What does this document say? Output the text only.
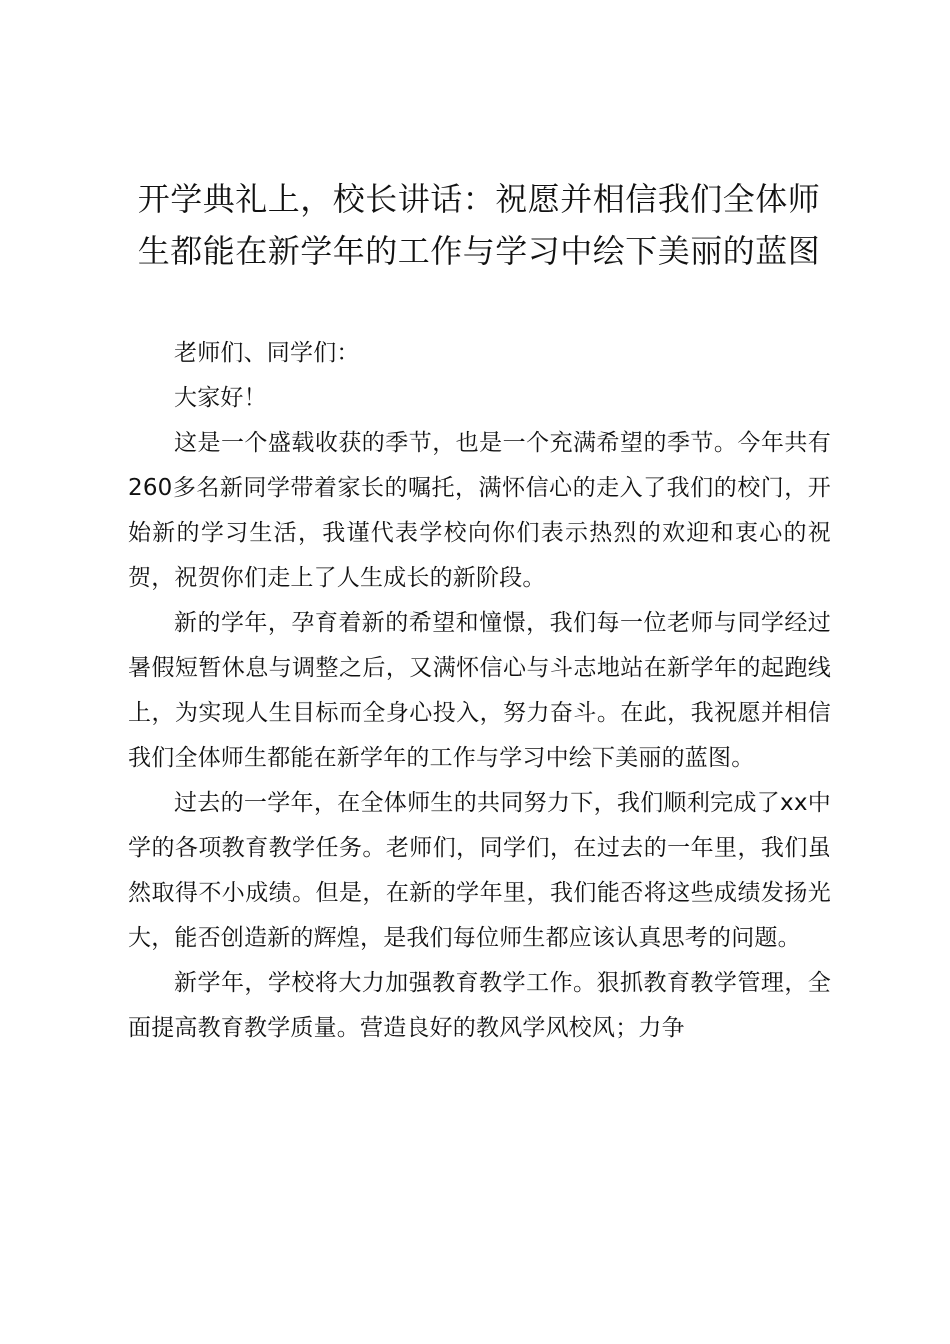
开学典礼上，校长讲话：祝愿并相信我们全体师生都能在新学年的工作与学习中绘下美丽的蓝图

老师们、同学们：

大家好！

这是一个盛载收获的季节，也是一个充满希望的季节。今年共有260多名新同学带着家长的嘱托，满怀信心的走入了我们的校门，开始新的学习生活，我谨代表学校向你们表示热烈的欢迎和衷心的祝贺，祝贺你们走上了人生成长的新阶段。

新的学年，孕育着新的希望和憧憬，我们每一位老师与同学经过暑假短暂休息与调整之后，又满怀信心与斗志地站在新学年的起跑线上，为实现人生目标而全身心投入，努力奋斗。在此，我祝愿并相信我们全体师生都能在新学年的工作与学习中绘下美丽的蓝图。

过去的一学年，在全体师生的共同努力下，我们顺利完成了xx中学的各项教育教学任务。老师们，同学们，在过去的一年里，我们虽然取得不小成绩。但是，在新的学年里，我们能否将这些成绩发扬光大，能否创造新的辉煌，是我们每位师生都应该认真思考的问题。

新学年，学校将大力加强教育教学工作。狠抓教育教学管理，全面提高教育教学质量。营造良好的教风学风校风；力争
